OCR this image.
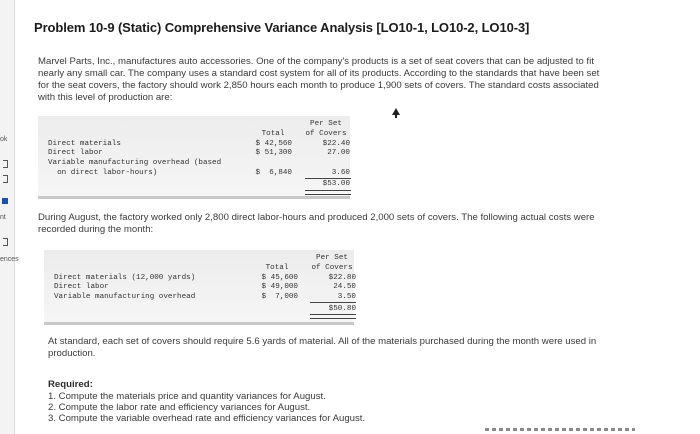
ok
nt
ences
Problem 10-9 (Static) Comprehensive Variance Analysis [LO10-1, LO10-2, LO10-3]
Marvel Parts, Inc., manufactures auto accessories. One of the company's products is a set of seat covers that can be adjusted to fit
nearly any small car. The company uses a standard cost system for all of its products. According to the standards that have been set
for the seat covers, the factory should work 2,850 hours each month to produce 1,900 sets of covers. The standard costs associated
with this level of production are:
Per Set
Total	of Covers
Direct materials	$ 42,560	$22.40
Direct labor	$ 51,300	27.00
Variable manufacturing overhead (based
on direct labor-hours)	$  6,840	3.60
$53.00
During August, the factory worked only 2,800 direct labor-hours and produced 2,000 sets of covers. The following actual costs were
recorded during the month:
Per Set
Total	of Covers
Direct materials (12,000 yards)	$ 45,600	$22.80
Direct labor	$ 49,000	24.50
Variable manufacturing overhead	$  7,000	3.50
$50.80
At standard, each set of covers should require 5.6 yards of material. All of the materials purchased during the month were used in
production.
Required:
1. Compute the materials price and quantity variances for August.
2. Compute the labor rate and efficiency variances for August.
3. Compute the variable overhead rate and efficiency variances for August.
